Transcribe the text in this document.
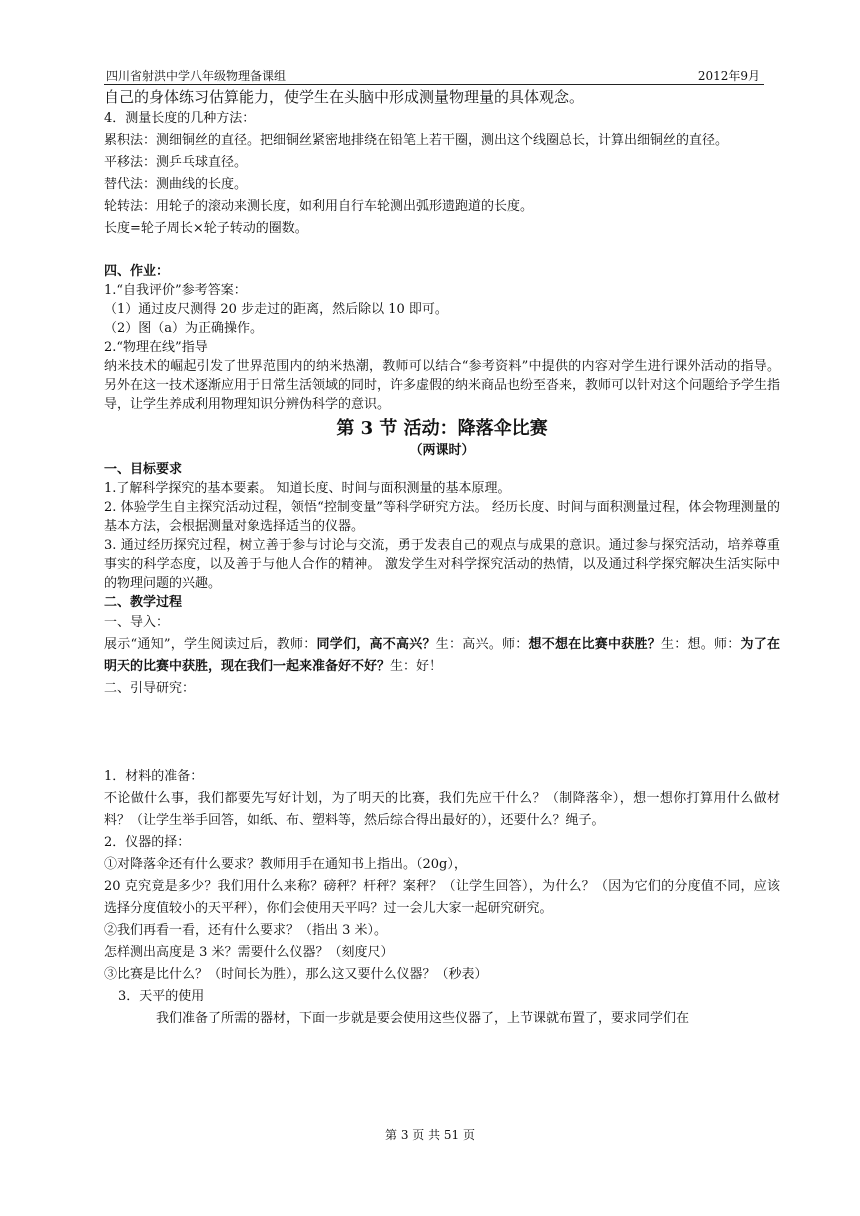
四川省射洪中学八年级物理备课组	2012年9月
自己的身体练习估算能力，使学生在头脑中形成测量物理量的具体观念。
4．测量长度的几种方法：
累积法：测细铜丝的直径。把细铜丝紧密地排绕在铅笔上若干圈，测出这个线圈总长，计算出细铜丝的直径。
平移法：测乒乓球直径。
替代法：测曲线的长度。
轮转法：用轮子的滚动来测长度，如利用自行车轮测出弧形遗跑道的长度。
长度=轮子周长×轮子转动的圈数。
四、作业：
1.“自我评价”参考答案：
（1）通过皮尺测得 20 步走过的距离，然后除以 10 即可。
（2）图（a）为正确操作。
2.“物理在线”指导
纳米技术的崛起引发了世界范围内的纳米热潮，教师可以结合“参考资料”中提供的内容对学生进行课外活动的指导。另外在这一技术逐渐应用于日常生活领域的同时，许多虚假的纳米商品也纷至沓来，教师可以针对这个问题给予学生指导，让学生养成利用物理知识分辨伪科学的意识。
第 3 节 活动：降落伞比赛
（两课时）
一、目标要求
1.了解科学探究的基本要素。 知道长度、时间与面积测量的基本原理。
2. 体验学生自主探究活动过程，领悟“控制变量”等科学研究方法。 经历长度、时间与面积测量过程，体会物理测量的基本方法，会根据测量对象选择适当的仪器。
3. 通过经历探究过程，树立善于参与讨论与交流，勇于发表自己的观点与成果的意识。通过参与探究活动，培养尊重事实的科学态度，以及善于与他人合作的精神。 激发学生对科学探究活动的热情，以及通过科学探究解决生活实际中的物理问题的兴趣。
二、教学过程
一、导入：
展示“通知”，学生阅读过后，教师：同学们，高不高兴？生：高兴。师：想不想在比赛中获胜？生：想。师：为了在明天的比赛中获胜，现在我们一起来准备好不好？生：好！
二、引导研究：
1．材料的准备：
不论做什么事，我们都要先写好计划，为了明天的比赛，我们先应干什么？（制降落伞），想一想你打算用什么做材料？（让学生举手回答，如纸、布、塑料等，然后综合得出最好的），还要什么？绳子。
2．仪器的择：
①对降落伞还有什么要求？教师用手在通知书上指出。（20g），
20 克究竟是多少？我们用什么来称？磅秤？杆秤？案秤？（让学生回答），为什么？（因为它们的分度值不同，应该选择分度值较小的天平秤），你们会使用天平吗？过一会儿大家一起研究研究。
②我们再看一看，还有什么要求？（指出 3 米）。
怎样测出高度是 3 米？需要什么仪器？（刻度尺）
③比赛是比什么？（时间长为胜），那么这又要什么仪器？（秒表）
3．天平的使用
我们准备了所需的器材，下面一步就是要会使用这些仪器了，上节课就布置了，要求同学们在
第 3 页 共 51 页
